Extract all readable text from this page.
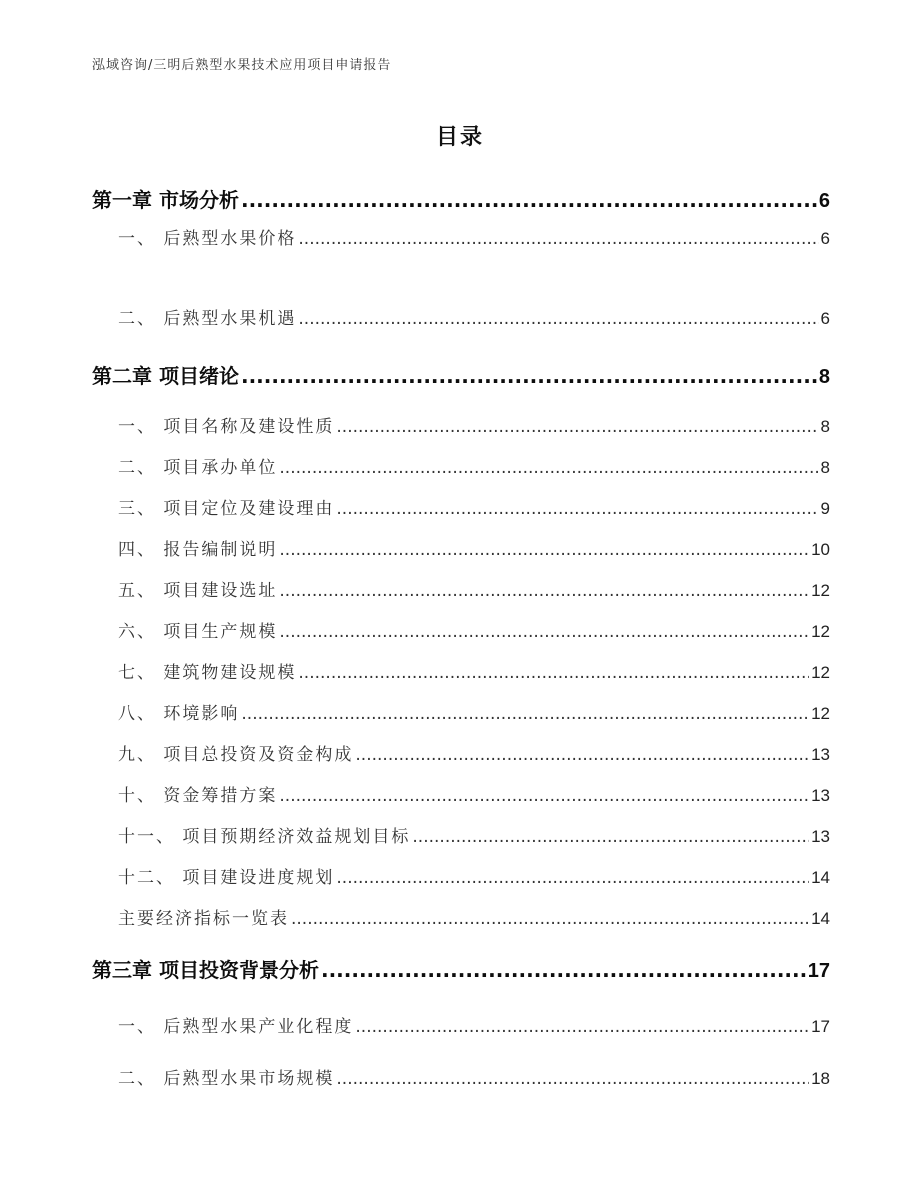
泓域咨询/三明后熟型水果技术应用项目申请报告
目录
第一章 市场分析 .....	6
一、 后熟型水果价格 .....	6
二、 后熟型水果机遇 .....	6
第二章 项目绪论 .....	8
一、 项目名称及建设性质 .....	8
二、 项目承办单位 .....	8
三、 项目定位及建设理由 .....	9
四、 报告编制说明 .....	10
五、 项目建设选址 .....	12
六、 项目生产规模 .....	12
七、 建筑物建设规模 .....	12
八、 环境影响 .....	12
九、 项目总投资及资金构成 .....	13
十、 资金筹措方案 .....	13
十一、 项目预期经济效益规划目标 .....	13
十二、 项目建设进度规划 .....	14
主要经济指标一览表 .....	14
第三章 项目投资背景分析 .....	17
一、 后熟型水果产业化程度 .....	17
二、 后熟型水果市场规模 .....	18
